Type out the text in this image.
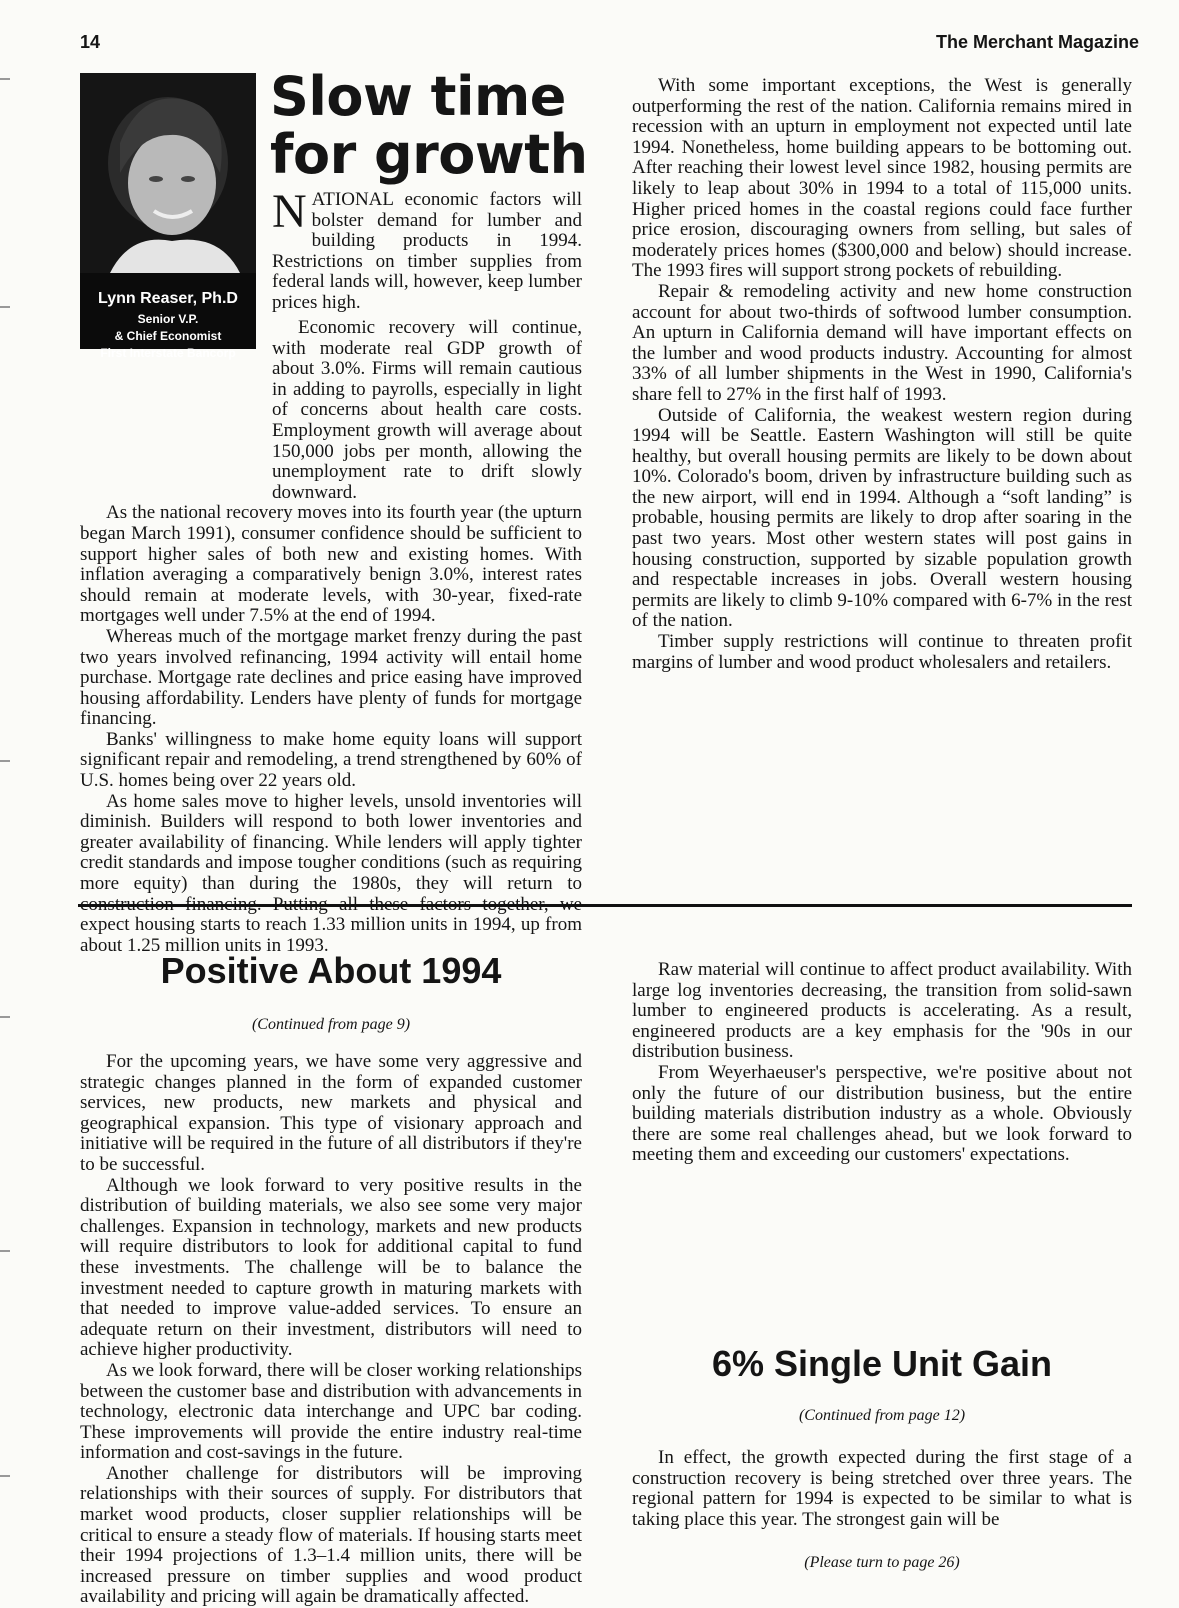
14	The Merchant Magazine
Lynn Reaser, Ph.D
Senior V.P.
& Chief Economist
First Interstate Bancorp
Slow time
for growth

NATIONAL economic factors will bolster demand for lumber and building products in 1994. Restrictions on timber supplies from federal lands will, however, keep lumber prices high.

Economic recovery will continue, with moderate real GDP growth of about 3.0%. Firms will remain cautious in adding to payrolls, especially in light of concerns about health care costs. Employment growth will average about 150,000 jobs per month, allowing the unemployment rate to drift slowly downward.

As the national recovery moves into its fourth year (the upturn began March 1991), consumer confidence should be sufficient to support higher sales of both new and existing homes. With inflation averaging a comparatively benign 3.0%, interest rates should remain at moderate levels, with 30-year, fixed-rate mortgages well under 7.5% at the end of 1994.

Whereas much of the mortgage market frenzy during the past two years involved refinancing, 1994 activity will entail home purchase. Mortgage rate declines and price easing have improved housing affordability. Lenders have plenty of funds for mortgage financing.

Banks' willingness to make home equity loans will support significant repair and remodeling, a trend strengthened by 60% of U.S. homes being over 22 years old.

As home sales move to higher levels, unsold inventories will diminish. Builders will respond to both lower inventories and greater availability of financing. While lenders will apply tighter credit standards and impose tougher conditions (such as requiring more equity) than during the 1980s, they will return to expect housing starts to reach 1.33 million units in 1994, up from about 1.25 million units in 1993.

With some important exceptions, the West is generally outperforming the rest of the nation. California remains mired in recession with an upturn in employment not expected until late 1994. Nonetheless, home building appears to be bottoming out. After reaching their lowest level since 1982, housing permits are likely to leap about 30% in 1994 to a total of 115,000 units. Higher priced homes in the coastal regions could face further price erosion, discouraging owners from selling, but sales of moderately prices homes ($300,000 and below) should increase. The 1993 fires will support strong pockets of rebuilding.

Repair & remodeling activity and new home construction account for about two-thirds of softwood lumber consumption. An upturn in California demand will have important effects on the lumber and wood products industry. Accounting for almost 33% of all lumber shipments in the West in 1990, California's share fell to 27% in the first half of 1993.

Outside of California, the weakest western region during 1994 will be Seattle. Eastern Washington will still be quite healthy, but overall housing permits are likely to be down about 10%. Colorado's boom, driven by infrastructure building such as the new airport, will end in 1994. Although a “soft landing” is probable, housing permits are likely to drop after soaring in the past two years. Most other western states will post gains in housing construction, supported by sizable population growth and respectable increases in jobs. Overall western housing permits are likely to climb 9-10% compared with 6-7% in the rest of the nation.

Timber supply restrictions will continue to threaten profit margins of lumber and wood product wholesalers and retailers.

Positive About 1994
(Continued from page 9)

For the upcoming years, we have some very aggressive and strategic changes planned in the form of expanded customer services, new products, new markets and physical and geographical expansion. This type of visionary approach and initiative will be required in the future of all distributors if they're to be successful.

Although we look forward to very positive results in the distribution of building materials, we also see some very major challenges. Expansion in technology, markets and new products will require distributors to look for additional capital to fund these investments. The challenge will be to balance the investment needed to capture growth in maturing markets with that needed to improve value-added services. To ensure an adequate return on their investment, distributors will need to achieve higher productivity.

As we look forward, there will be closer working relationships between the customer base and distribution with advancements in technology, electronic data interchange and UPC bar coding. These improvements will provide the entire industry real-time information and cost-savings in the future.

Another challenge for distributors will be improving relationships with their sources of supply. For distributors that market wood products, closer supplier relationships will be critical to ensure a steady flow of materials. If housing starts meet their 1994 projections of 1.3–1.4 million units, there will be increased pressure on timber supplies and wood product availability and pricing will again be dramatically affected.

Raw material will continue to affect product availability. With large log inventories decreasing, the transition from solid-sawn lumber to engineered products is accelerating. As a result, engineered products are a key emphasis for the '90s in our distribution business.

From Weyerhaeuser's perspective, we're positive about not only the future of our distribution business, but the entire building materials distribution industry as a whole. Obviously there are some real challenges ahead, but we look forward to meeting them and exceeding our customers' expectations.

6% Single Unit Gain
(Continued from page 12)

In effect, the growth expected during the first stage of a construction recovery is being stretched over three years. The regional pattern for 1994 is expected to be similar to what is taking place this year. The strongest gain will be

(Please turn to page 26)
